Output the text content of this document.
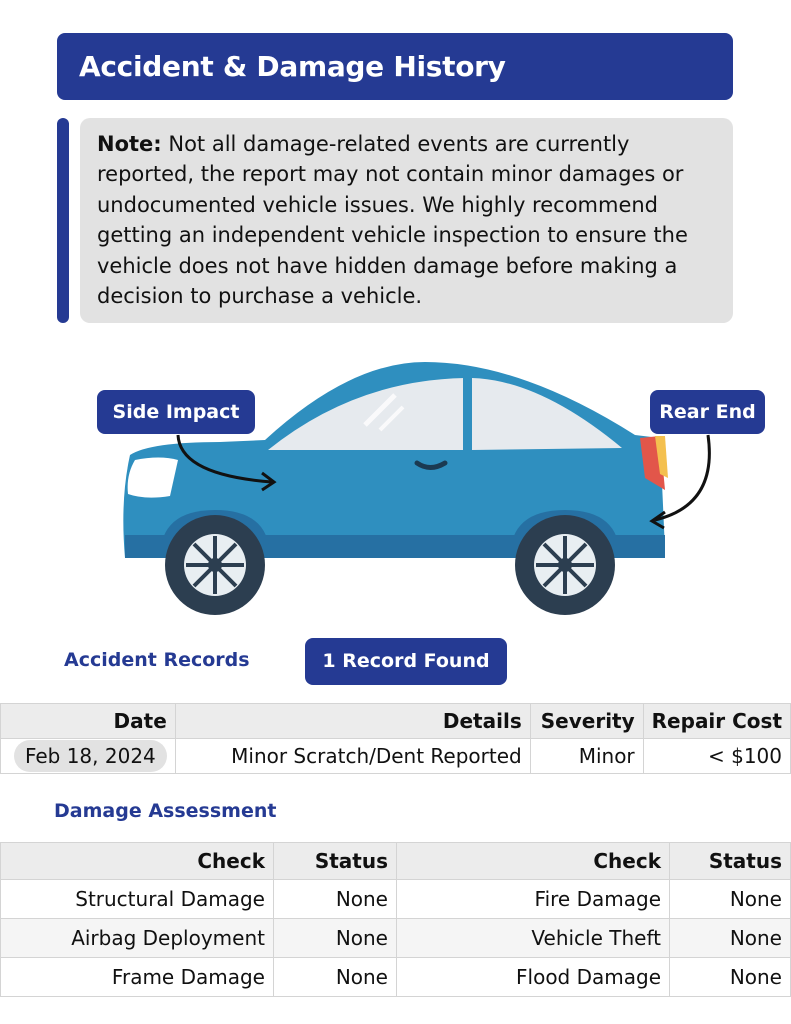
Accident & Damage History
Note: Not all damage-related events are currently reported, the report may not contain minor damages or undocumented vehicle issues. We highly recommend getting an independent vehicle inspection to ensure the vehicle does not have hidden damage before making a decision to purchase a vehicle.
Side Impact	Rear End
Accident Records	1 Record Found
Date	Details	Severity	Repair Cost
Feb 18, 2024	Minor Scratch/Dent Reported	Minor	< $100
Damage Assessment
Check	Status	Check	Status
Structural Damage	None	Fire Damage	None
Airbag Deployment	None	Vehicle Theft	None
Frame Damage	None	Flood Damage	None
